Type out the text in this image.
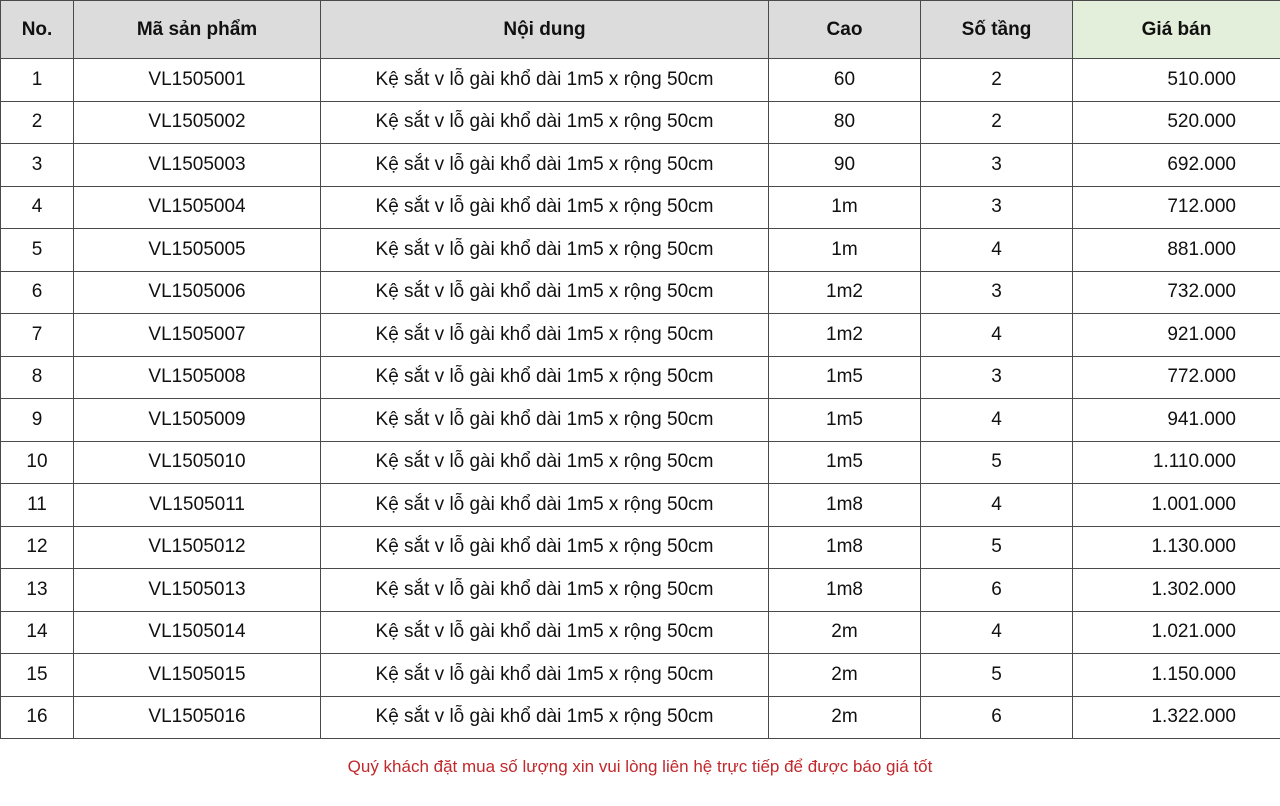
No.	Mã sản phẩm	Nội dung	Cao	Số tầng	Giá bán
1	VL1505001	Kệ sắt v lỗ gài khổ dài 1m5 x rộng 50cm	60	2	510.000
2	VL1505002	Kệ sắt v lỗ gài khổ dài 1m5 x rộng 50cm	80	2	520.000
3	VL1505003	Kệ sắt v lỗ gài khổ dài 1m5 x rộng 50cm	90	3	692.000
4	VL1505004	Kệ sắt v lỗ gài khổ dài 1m5 x rộng 50cm	1m	3	712.000
5	VL1505005	Kệ sắt v lỗ gài khổ dài 1m5 x rộng 50cm	1m	4	881.000
6	VL1505006	Kệ sắt v lỗ gài khổ dài 1m5 x rộng 50cm	1m2	3	732.000
7	VL1505007	Kệ sắt v lỗ gài khổ dài 1m5 x rộng 50cm	1m2	4	921.000
8	VL1505008	Kệ sắt v lỗ gài khổ dài 1m5 x rộng 50cm	1m5	3	772.000
9	VL1505009	Kệ sắt v lỗ gài khổ dài 1m5 x rộng 50cm	1m5	4	941.000
10	VL1505010	Kệ sắt v lỗ gài khổ dài 1m5 x rộng 50cm	1m5	5	1.110.000
11	VL1505011	Kệ sắt v lỗ gài khổ dài 1m5 x rộng 50cm	1m8	4	1.001.000
12	VL1505012	Kệ sắt v lỗ gài khổ dài 1m5 x rộng 50cm	1m8	5	1.130.000
13	VL1505013	Kệ sắt v lỗ gài khổ dài 1m5 x rộng 50cm	1m8	6	1.302.000
14	VL1505014	Kệ sắt v lỗ gài khổ dài 1m5 x rộng 50cm	2m	4	1.021.000
15	VL1505015	Kệ sắt v lỗ gài khổ dài 1m5 x rộng 50cm	2m	5	1.150.000
16	VL1505016	Kệ sắt v lỗ gài khổ dài 1m5 x rộng 50cm	2m	6	1.322.000
Quý khách đặt mua số lượng xin vui lòng liên hệ trực tiếp để được báo giá tốt
